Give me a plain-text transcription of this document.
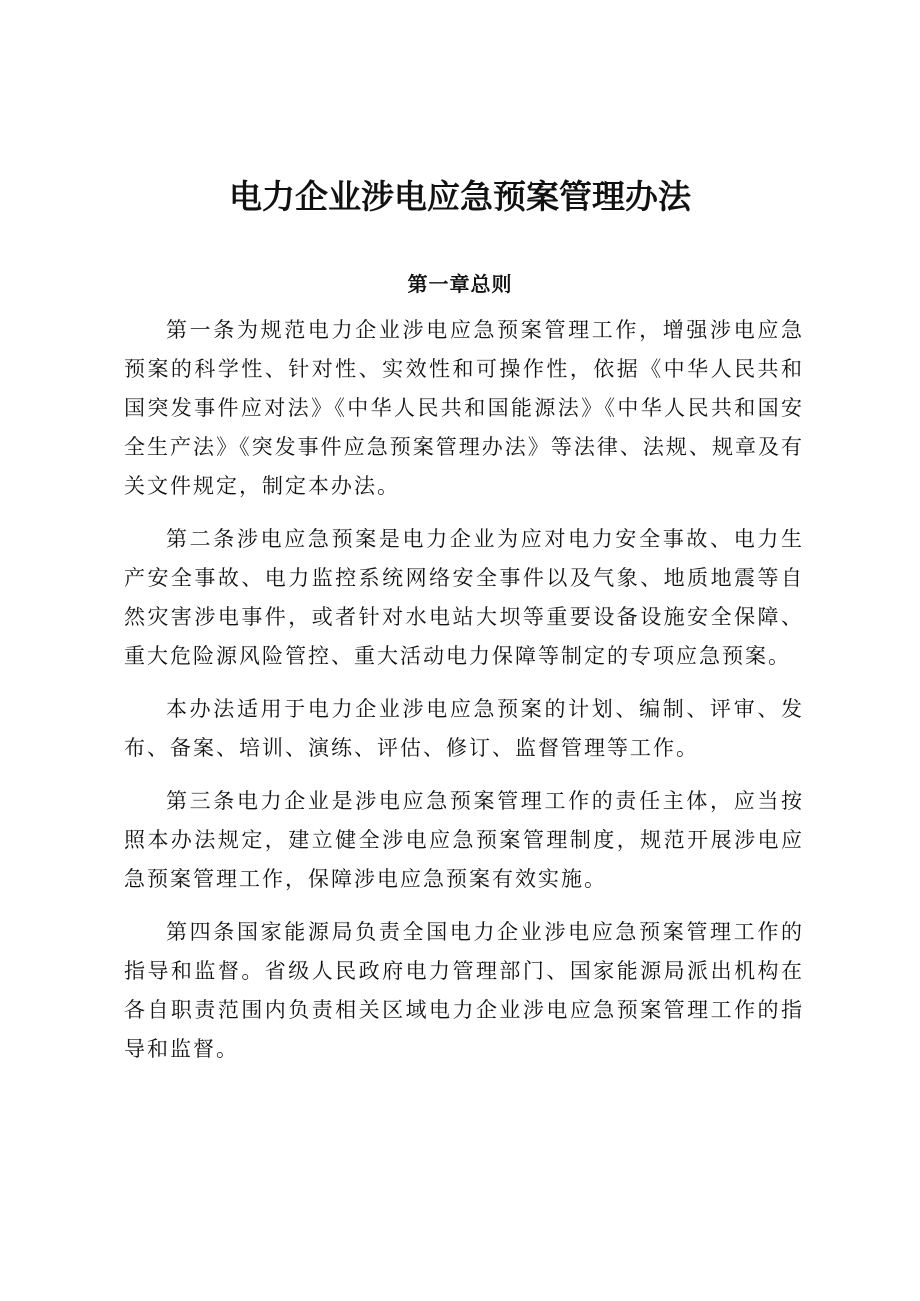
电力企业涉电应急预案管理办法
第一章总则

第一条为规范电力企业涉电应急预案管理工作，增强涉电应急预案的科学性、针对性、实效性和可操作性，依据《中华人民共和国突发事件应对法》《中华人民共和国能源法》《中华人民共和国安全生产法》《突发事件应急预案管理办法》等法律、法规、规章及有关文件规定，制定本办法。

第二条涉电应急预案是电力企业为应对电力安全事故、电力生产安全事故、电力监控系统网络安全事件以及气象、地质地震等自然灾害涉电事件，或者针对水电站大坝等重要设备设施安全保障、重大危险源风险管控、重大活动电力保障等制定的专项应急预案。

本办法适用于电力企业涉电应急预案的计划、编制、评审、发布、备案、培训、演练、评估、修订、监督管理等工作。

第三条电力企业是涉电应急预案管理工作的责任主体，应当按照本办法规定，建立健全涉电应急预案管理制度，规范开展涉电应急预案管理工作，保障涉电应急预案有效实施。

第四条国家能源局负责全国电力企业涉电应急预案管理工作的指导和监督。省级人民政府电力管理部门、国家能源局派出机构在各自职责范围内负责相关区域电力企业涉电应急预案管理工作的指导和监督。
